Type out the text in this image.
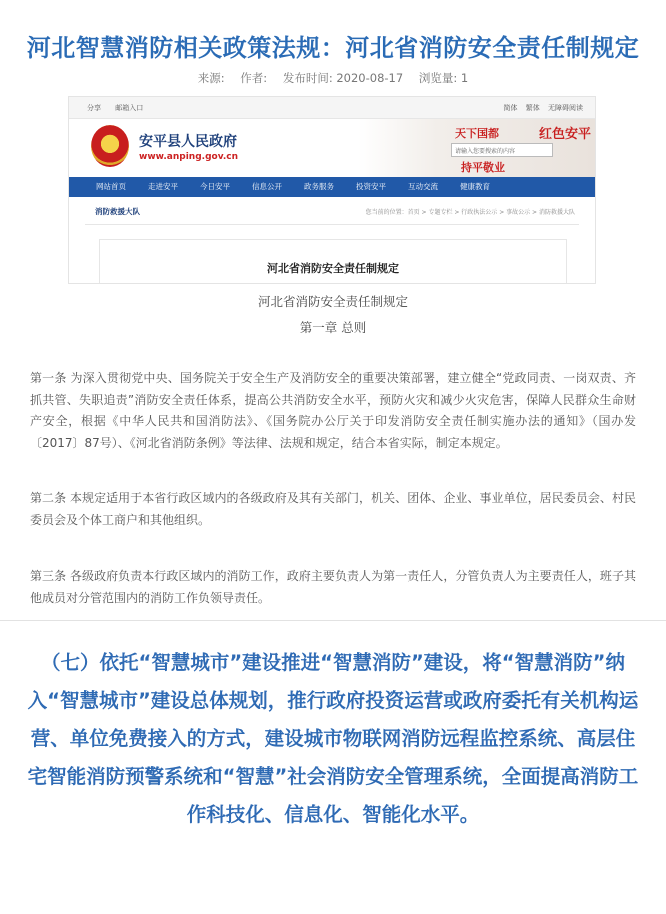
河北智慧消防相关政策法规：河北省消防安全责任制规定
来源: 作者: 发布时间: 2020-08-17 浏览量: 1
分享 邮箱入口	简体 繁体 无障碍阅读
安平县人民政府
www.anping.gov.cn
天下国都	红色安平
请输入您要搜索的内容
持平敬业
网站首页	走进安平	今日安平	信息公开	政务服务	投资安平	互动交流	健康教育
消防救援大队	您当前的位置：首页 > 专题专栏 > 行政执法公示 > 事故公示 > 消防救援大队
河北省消防安全责任制规定
河北省消防安全责任制规定
第一章 总则
第一条 为深入贯彻党中央、国务院关于安全生产及消防安全的重要决策部署，建立健全“党政同责、一岗双责、齐抓共管、失职追责”消防安全责任体系，提高公共消防安全水平，预防火灾和减少火灾危害，保障人民群众生命财产安全，根据《中华人民共和国消防法》、《国务院办公厅关于印发消防安全责任制实施办法的通知》（国办发〔2017〕87号）、《河北省消防条例》等法律、法规和规定，结合本省实际，制定本规定。
第二条 本规定适用于本省行政区域内的各级政府及其有关部门，机关、团体、企业、事业单位，居民委员会、村民委员会及个体工商户和其他组织。
第三条 各级政府负责本行政区域内的消防工作，政府主要负责人为第一责任人，分管负责人为主要责任人，班子其他成员对分管范围内的消防工作负领导责任。
（七）依托“智慧城市”建设推进“智慧消防”建设，将“智慧消防”纳入“智慧城市”建设总体规划，推行政府投资运营或政府委托有关机构运营、单位免费接入的方式，建设城市物联网消防远程监控系统、高层住宅智能消防预警系统和“智慧”社会消防安全管理系统，全面提高消防工作科技化、信息化、智能化水平。
